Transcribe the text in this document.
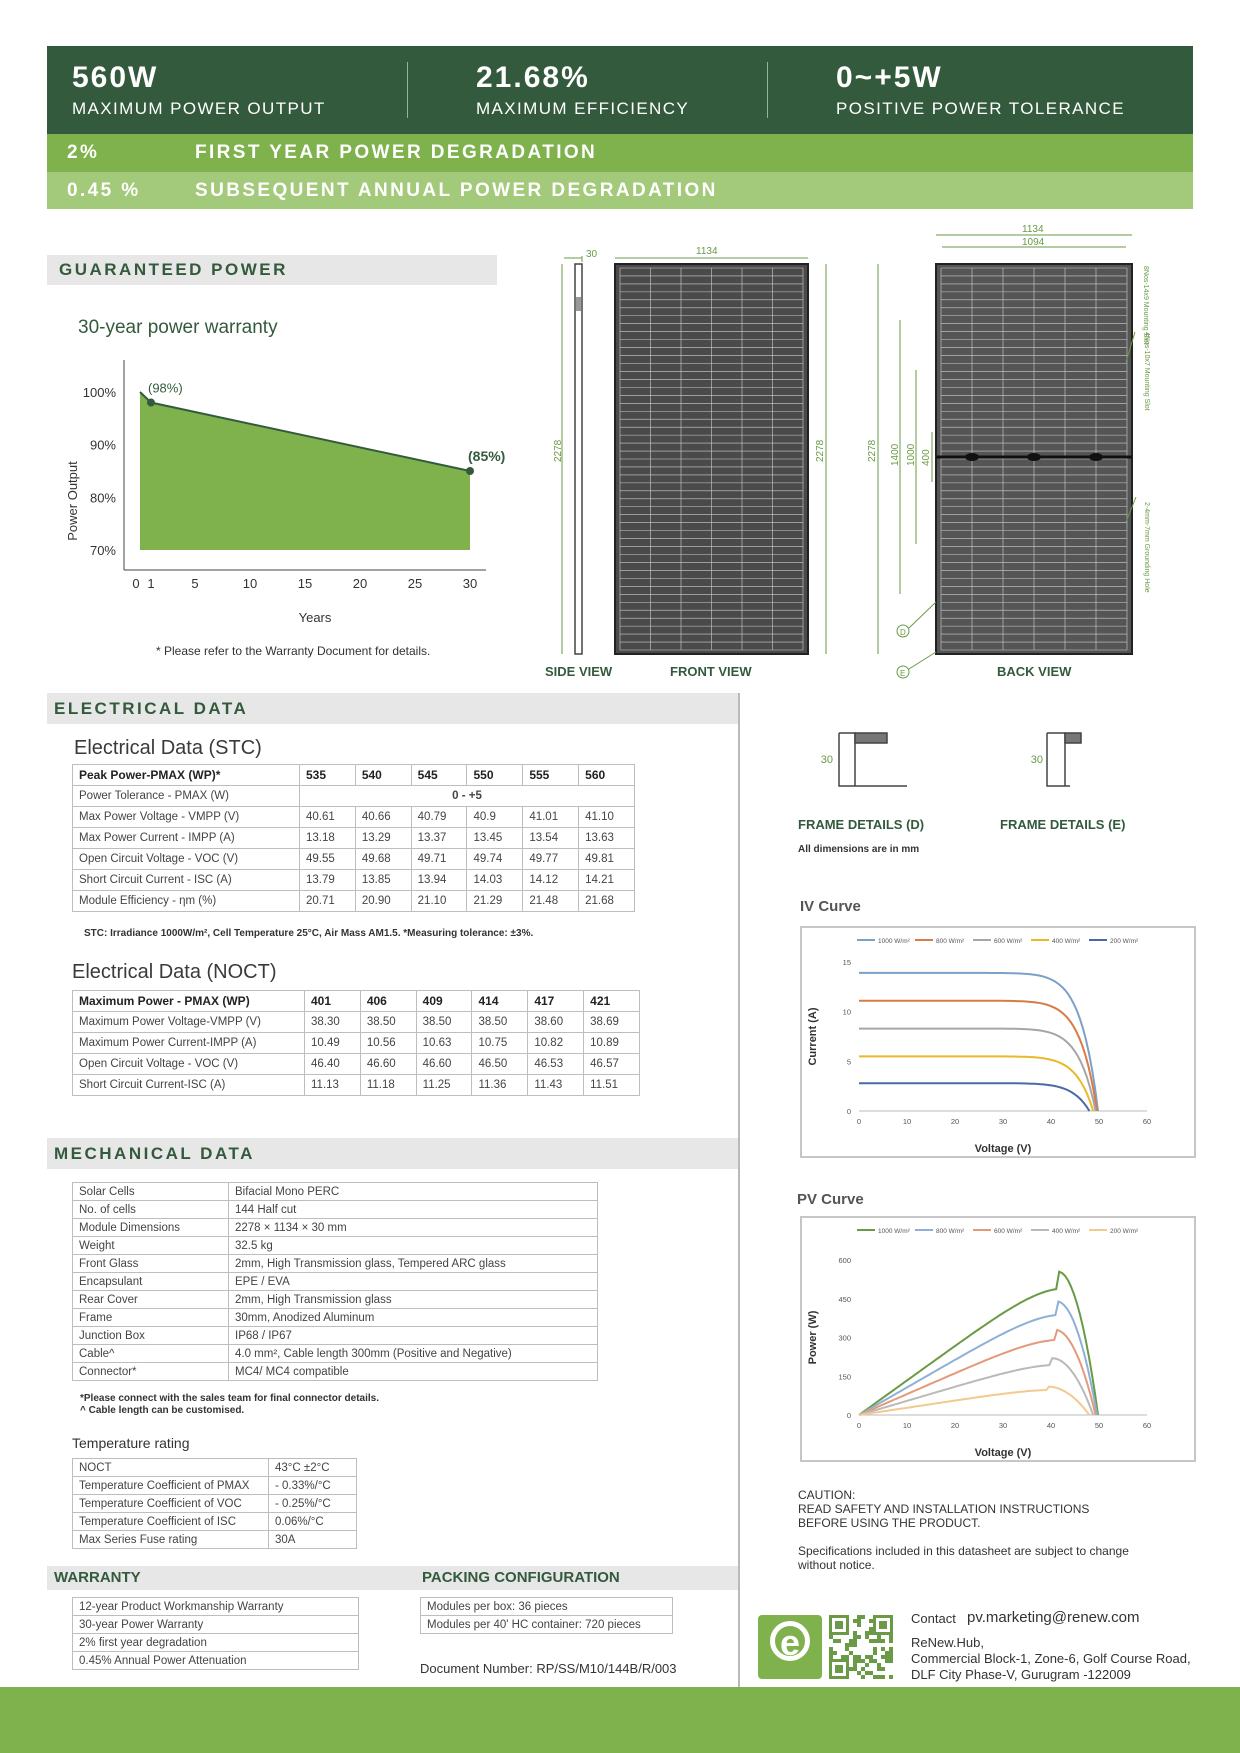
560W
MAXIMUM POWER OUTPUT
21.68%
MAXIMUM EFFICIENCY
0~+5W
POSITIVE POWER TOLERANCE
2%	FIRST YEAR POWER DEGRADATION
0.45 %	SUBSEQUENT ANNUAL POWER DEGRADATION
GUARANTEED POWER
30-year power warranty
(98%)
(85%)
70%
80%
90%
100%
0 1	5	10	15	20	25	30
Years
Power Output
* Please refer to the Warranty Document for details.
30
2278
1134
2278
1134
1094
2278 1400 1000 400
8Nos-14x9 Mounting Slot
4Nos-10x7 Mounting Slot
2-4mm-7mm Grounding Hole
D
E
SIDE VIEW	FRONT VIEW	BACK VIEW
ELECTRICAL DATA
Electrical Data (STC)
Peak Power-PMAX (WP)*	535	540	545	550	555	560
Power Tolerance - PMAX (W)	0 - +5					
Max Power Voltage - VMPP (V)	40.61	40.66	40.79	40.9	41.01	41.10
Max Power Current - IMPP (A)	13.18	13.29	13.37	13.45	13.54	13.63
Open Circuit Voltage - VOC (V)	49.55	49.68	49.71	49.74	49.77	49.81
Short Circuit Current - ISC (A)	13.79	13.85	13.94	14.03	14.12	14.21
Module Efficiency - ηm (%)	20.71	20.90	21.10	21.29	21.48	21.68
STC: Irradiance 1000W/m², Cell Temperature 25°C, Air Mass AM1.5. *Measuring tolerance: ±3%.
Electrical Data (NOCT)
Maximum Power - PMAX (WP)	401	406	409	414	417	421
Maximum Power Voltage-VMPP (V)	38.30	38.50	38.50	38.50	38.60	38.69
Maximum Power Current-IMPP (A)	10.49	10.56	10.63	10.75	10.82	10.89
Open Circuit Voltage - VOC (V)	46.40	46.60	46.60	46.50	46.53	46.57
Short Circuit Current-ISC (A)	11.13	11.18	11.25	11.36	11.43	11.51
30	30
FRAME DETAILS (D)	FRAME DETAILS (E)
All dimensions are in mm
IV Curve
1000 W/m²	800 W/m²	600 W/m²	400 W/m²	200 W/m²
0	10	20	30	40	50	60
0
5
10
15
Voltage (V)
Current (A)
PV Curve
1000 W/m²	800 W/m²	600 W/m²	400 W/m²	200 W/m²
0	10	20	30	40	50	60
0
150
300
450
600
Voltage (V)
Power (W)
MECHANICAL DATA
Solar Cells	Bifacial Mono PERC
No. of cells	144 Half cut
Module Dimensions	2278 × 1134 × 30 mm
Weight	32.5 kg
Front Glass	2mm, High Transmission glass, Tempered ARC glass
Encapsulant	EPE / EVA
Rear Cover	2mm, High Transmission glass
Frame	30mm, Anodized Aluminum
Junction Box	IP68 / IP67
Cable^	4.0 mm², Cable length 300mm (Positive and Negative)
Connector*	MC4/ MC4 compatible
*Please connect with the sales team for final connector details.
^ Cable length can be customised.
Temperature rating
NOCT	43°C ±2°C
Temperature Coefficient of PMAX	- 0.33%/°C
Temperature Coefficient of VOC	- 0.25%/°C
Temperature Coefficient of ISC	0.06%/°C
Max Series Fuse rating	30A
WARRANTY	PACKING CONFIGURATION
12-year Product Workmanship Warranty
30-year Power Warranty
2% first year degradation
0.45% Annual Power Attenuation
Modules per box: 36 pieces
Modules per 40' HC container: 720 pieces
Document Number: RP/SS/M10/144B/R/003
CAUTION:
READ SAFETY AND INSTALLATION INSTRUCTIONS
BEFORE USING THE PRODUCT.
Specifications included in this datasheet are subject to change
without notice.
e
Contact pv.marketing@renew.com
ReNew.Hub,
Commercial Block-1, Zone-6, Golf Course Road,
DLF City Phase-V, Gurugram -122009
